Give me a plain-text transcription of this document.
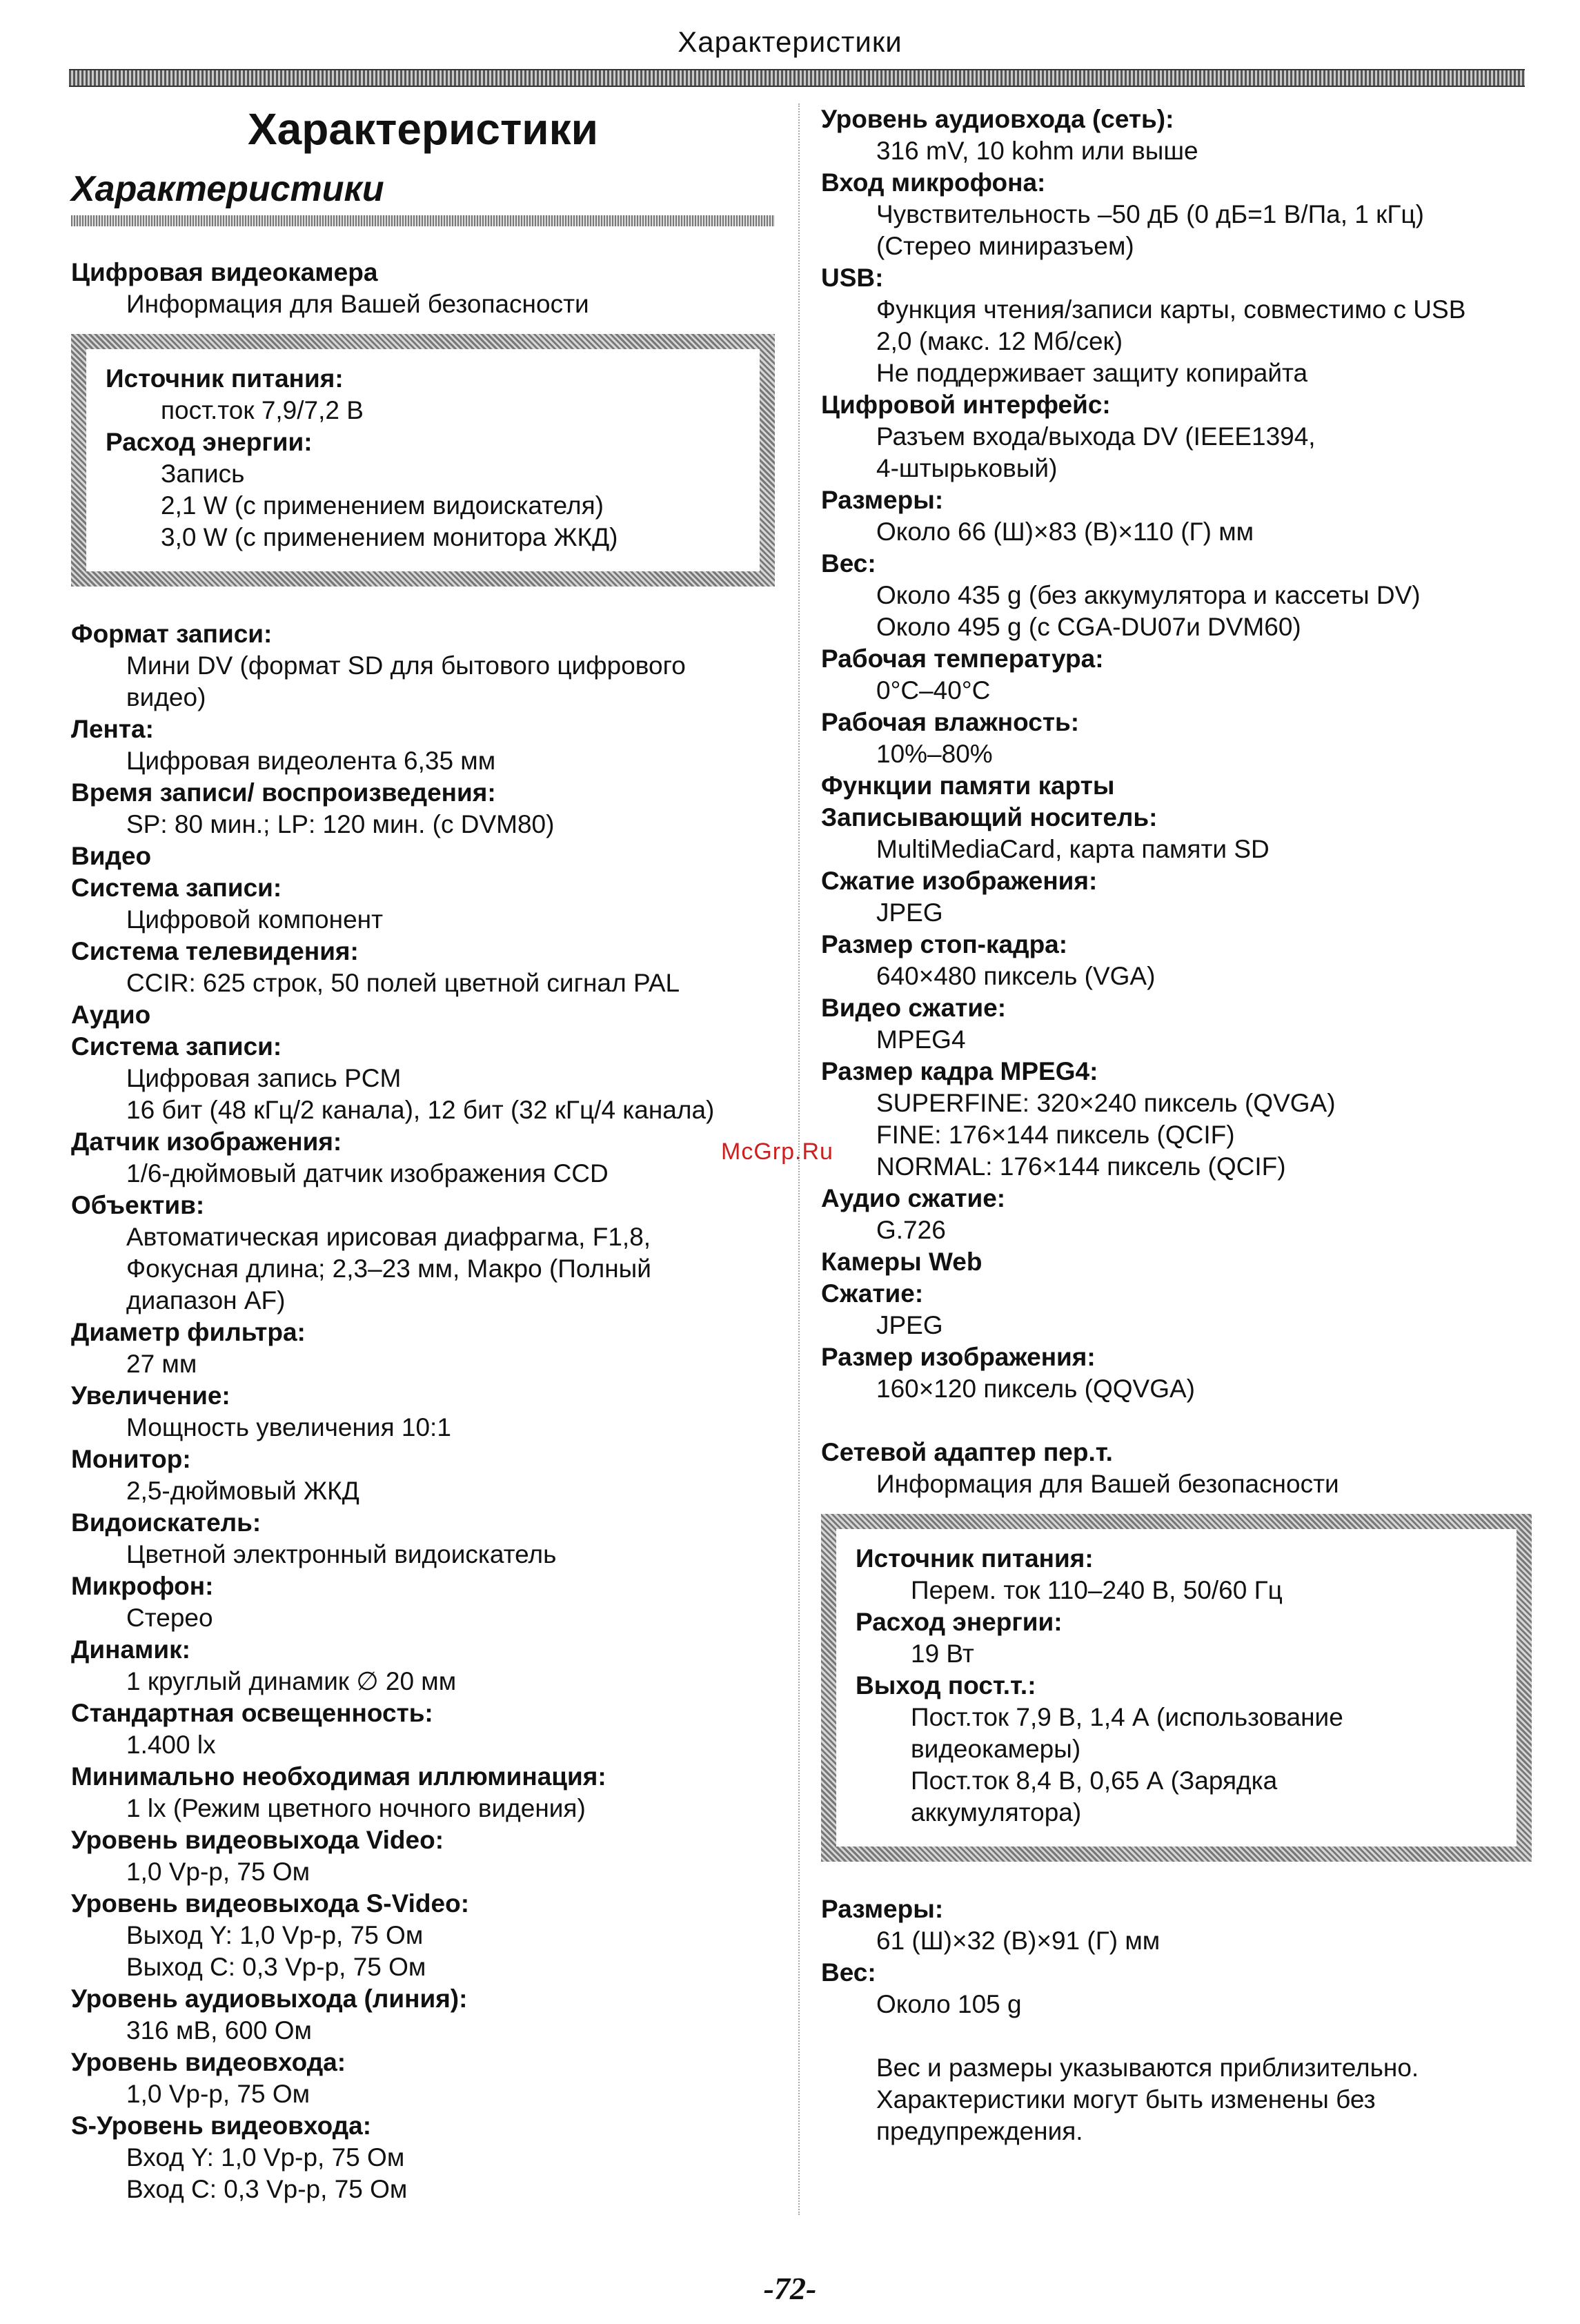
Характеристики
Характеристики
Характеристики
Цифровая видеокамера
Информация для Вашей безопасности
Источник питания:
пост.ток 7,9/7,2 В
Расход энергии:
Запись
2,1 W (с применением видоискателя)
3,0 W (с применением монитора ЖКД)
Формат записи:
Мини DV (формат SD для бытового цифрового
видео)
Лента:
Цифровая видеолента 6,35 мм
Время записи/ воспроизведения:
SP: 80 мин.; LP: 120 мин. (с DVM80)
Видео
Система записи:
Цифровой компонент
Система телевидения:
CCIR: 625 строк, 50 полей цветной сигнал PAL
Аудио
Система записи:
Цифровая запись PCM
16 бит (48 кГц/2 канала), 12 бит (32 кГц/4 канала)
Датчик изображения:
1/6-дюймовый датчик изображения CCD
Объектив:
Автоматическая ирисовая диафрагма, F1,8,
Фокусная длина; 2,3–23 мм, Макро (Полный
диапазон AF)
Диаметр фильтра:
27 мм
Увеличение:
Мощность увеличения 10:1
Монитор:
2,5-дюймовый ЖКД
Видоискатель:
Цветной электронный видоискатель
Микрофон:
Стерео
Динамик:
1 круглый динамик ∅ 20 мм
Стандартная освещенность:
1.400 lx
Минимально необходимая иллюминация:
1 lx (Режим цветного ночного видения)
Уровень видеовыхода Video:
1,0 Vp-p, 75 Ом
Уровень видеовыхода S-Video:
Выход Y: 1,0 Vp-p, 75 Ом
Выход C: 0,3 Vp-p, 75 Ом
Уровень аудиовыхода (линия):
316 мВ, 600 Ом
Уровень видеовхода:
1,0 Vp-p, 75 Ом
S-Уровень видеовхода:
Вход Y: 1,0 Vp-p, 75 Ом
Вход C: 0,3 Vp-p, 75 Ом
Уровень аудиовхода (сеть):
316 mV, 10 kohm или выше
Вход микрофона:
Чувствительность –50 дБ (0 дБ=1 В/Па, 1 кГц)
(Стерео миниразъем)
USB:
Функция чтения/записи карты, совместимо с USB
2,0 (макс. 12 Мб/сек)
Не поддерживает защиту копирайта
Цифровой интерфейс:
Разъем входа/выхода DV (IEEE1394,
4-штырьковый)
Размеры:
Около 66 (Ш)×83 (В)×110 (Г) мм
Вес:
Около 435 g (без аккумулятора и кассеты DV)
Около 495 g (с CGA-DU07и DVM60)
Рабочая температура:
0°C–40°C
Рабочая влажность:
10%–80%
Функции памяти карты
Записывающий носитель:
MultiMediaCard, карта памяти SD
Сжатие изображения:
JPEG
Размер стоп-кадра:
640×480 пиксель (VGA)
Видео сжатие:
MPEG4
Размер кадра MPEG4:
SUPERFINE: 320×240 пиксель (QVGA)
FINE: 176×144 пиксель (QCIF)
NORMAL: 176×144 пиксель (QCIF)
Аудио сжатие:
G.726
Камеры Web
Сжатие:
JPEG
Размер изображения:
160×120 пиксель (QQVGA)
Сетевой адаптер пер.т.
Информация для Вашей безопасности
Источник питания:
Перем. ток 110–240 В, 50/60 Гц
Расход энергии:
19 Вт
Выход пост.т.:
Пост.ток 7,9 В, 1,4 А (использование
видеокамеры)
Пост.ток 8,4 В, 0,65 А (Зарядка
аккумулятора)
Размеры:
61 (Ш)×32 (В)×91 (Г) мм
Вес:
Около 105 g
Вес и размеры указываются приблизительно.
Характеристики могут быть изменены без
предупреждения.
McGrp.Ru
-72-
